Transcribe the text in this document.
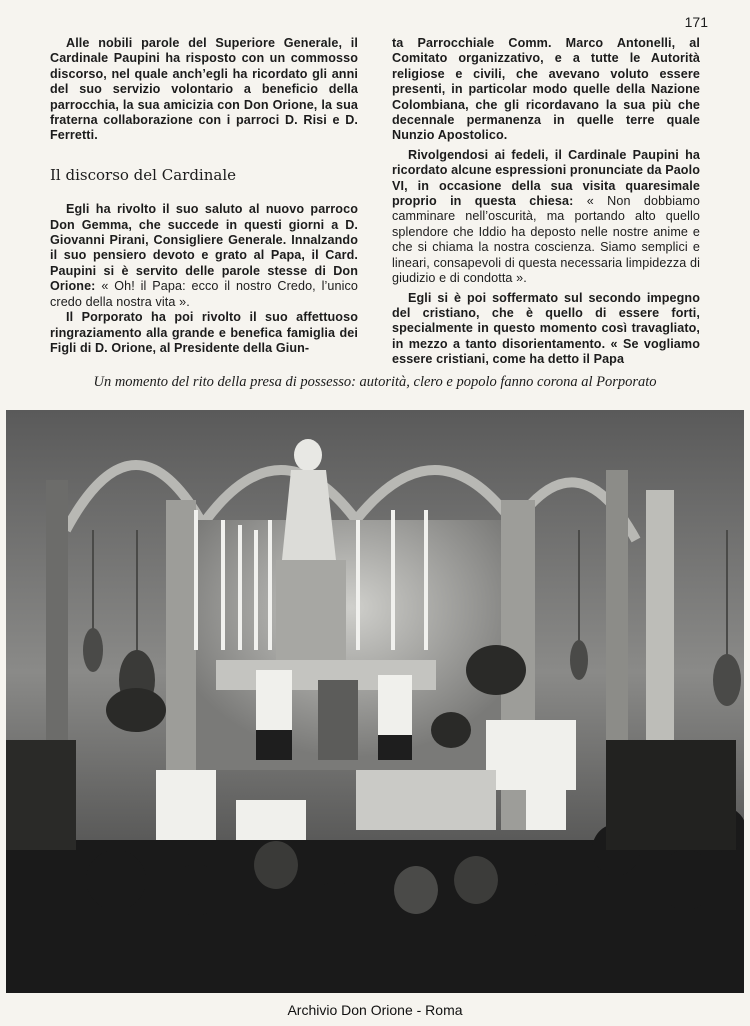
171

Alle nobili parole del Superiore Generale, il Cardinale Paupini ha risposto con un commosso discorso, nel quale anch’egli ha ricordato gli anni del suo servizio volontario a beneficio della parrocchia, la sua amicizia con Don Orione, la sua fraterna collaborazione con i parroci D. Risi e D. Ferretti.

Il discorso del Cardinale

Egli ha rivolto il suo saluto al nuovo parroco Don Gemma, che succede in questi giorni a D. Giovanni Pirani, Consigliere Generale. Innalzando il suo pensiero devoto e grato al Papa, il Card. Paupini si è servito delle parole stesse di Don Orione: « Oh! il Papa: ecco il nostro Credo, l’unico credo della nostra vita ».

Il Porporato ha poi rivolto il suo affettuoso ringraziamento alla grande e benefica famiglia dei Figli di D. Orione, al Presidente della Giun-

ta Parrocchiale Comm. Marco Antonelli, al Comitato organizzativo, e a tutte le Autorità religiose e civili, che avevano voluto essere presenti, in particolar modo quelle della Nazione Colombiana, che gli ricordavano la sua più che decennale permanenza in quelle terre quale Nunzio Apostolico.

Rivolgendosi ai fedeli, il Cardinale Paupini ha ricordato alcune espressioni pronunciate da Paolo VI, in occasione della sua visita quaresimale proprio in questa chiesa: « Non dobbiamo camminare nell’oscurità, ma portando alto quello splendore che Iddio ha deposto nelle nostre anime e che si chiama la nostra coscienza. Siamo semplici e lineari, consapevoli di questa necessaria limpidezza di giudizio e di condotta ».

Egli si è poi soffermato sul secondo impegno del cristiano, che è quello di essere forti, specialmente in questo momento così travagliato, in mezzo a tanto disorientamento. « Se vogliamo essere cristiani, come ha detto il Papa

Un momento del rito della presa di possesso: autorità, clero e popolo fanno corona al Porporato
Archivio Don Orione - Roma
